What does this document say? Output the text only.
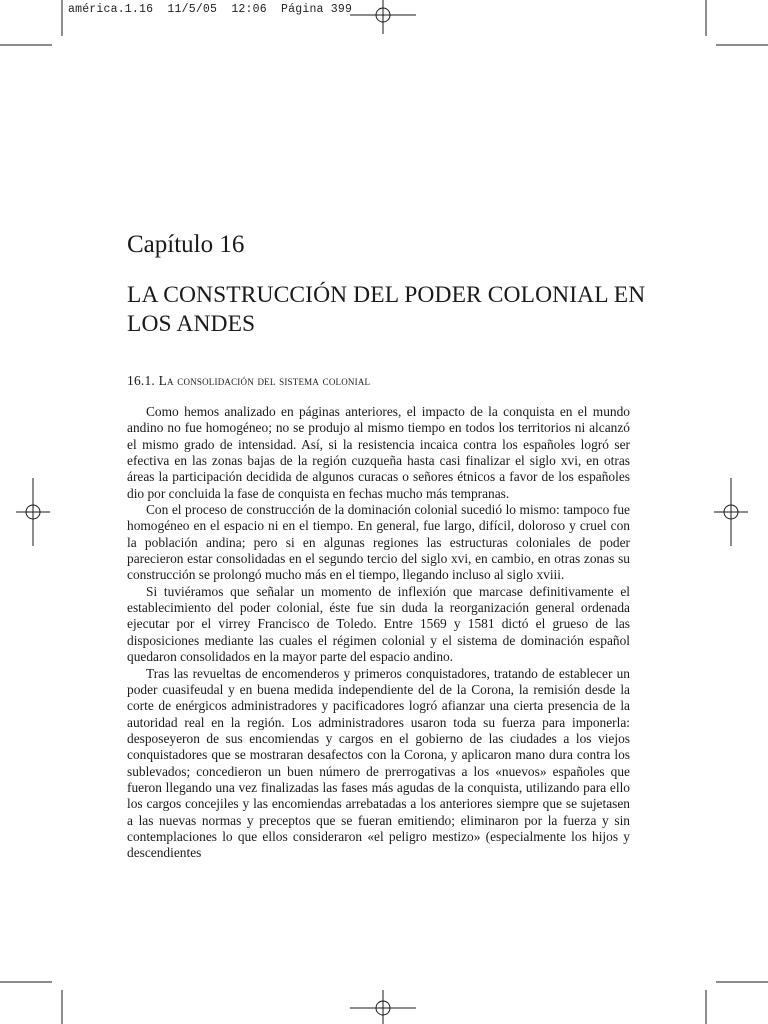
américa.1.16  11/5/05  12:06  Página 399
Capítulo 16
LA CONSTRUCCIÓN DEL PODER COLONIAL EN LOS ANDES
16.1. La consolidación del sistema colonial

Como hemos analizado en páginas anteriores, el impacto de la conquista en el mundo andino no fue homogéneo; no se produjo al mismo tiempo en todos los territorios ni alcanzó el mismo grado de intensidad. Así, si la resistencia incaica contra los españoles logró ser efectiva en las zonas bajas de la región cuzqueña hasta casi finalizar el siglo xvi, en otras áreas la participación decidida de algunos curacas o señores étnicos a favor de los españoles dio por concluida la fase de conquista en fechas mucho más tempranas.

Con el proceso de construcción de la dominación colonial sucedió lo mismo: tampoco fue homogéneo en el espacio ni en el tiempo. En general, fue largo, difícil, doloroso y cruel con la población andina; pero si en algunas regiones las estructuras coloniales de poder parecieron estar consolidadas en el segundo tercio del siglo xvi, en cambio, en otras zonas su construcción se prolongó mucho más en el tiempo, llegando incluso al siglo xviii.

Si tuviéramos que señalar un momento de inflexión que marcase definitivamente el establecimiento del poder colonial, éste fue sin duda la reorganización general ordenada ejecutar por el virrey Francisco de Toledo. Entre 1569 y 1581 dictó el grueso de las disposiciones mediante las cuales el régimen colonial y el sistema de dominación español quedaron consolidados en la mayor parte del espacio andino.

Tras las revueltas de encomenderos y primeros conquistadores, tratando de establecer un poder cuasifeudal y en buena medida independiente del de la Corona, la remisión desde la corte de enérgicos administradores y pacificadores logró afianzar una cierta presencia de la autoridad real en la región. Los administradores usaron toda su fuerza para imponerla: desposeyeron de sus encomiendas y cargos en el gobierno de las ciudades a los viejos conquistadores que se mostraran desafectos con la Corona, y aplicaron mano dura contra los sublevados; concedieron un buen número de prerrogativas a los «nuevos» españoles que fueron llegando una vez finalizadas las fases más agudas de la conquista, utilizando para ello los cargos concejiles y las encomiendas arrebatadas a los anteriores siempre que se sujetasen a las nuevas normas y preceptos que se fueran emitiendo; eliminaron por la fuerza y sin contemplaciones lo que ellos consideraron «el peligro mestizo» (especialmente los hijos y descendientes
